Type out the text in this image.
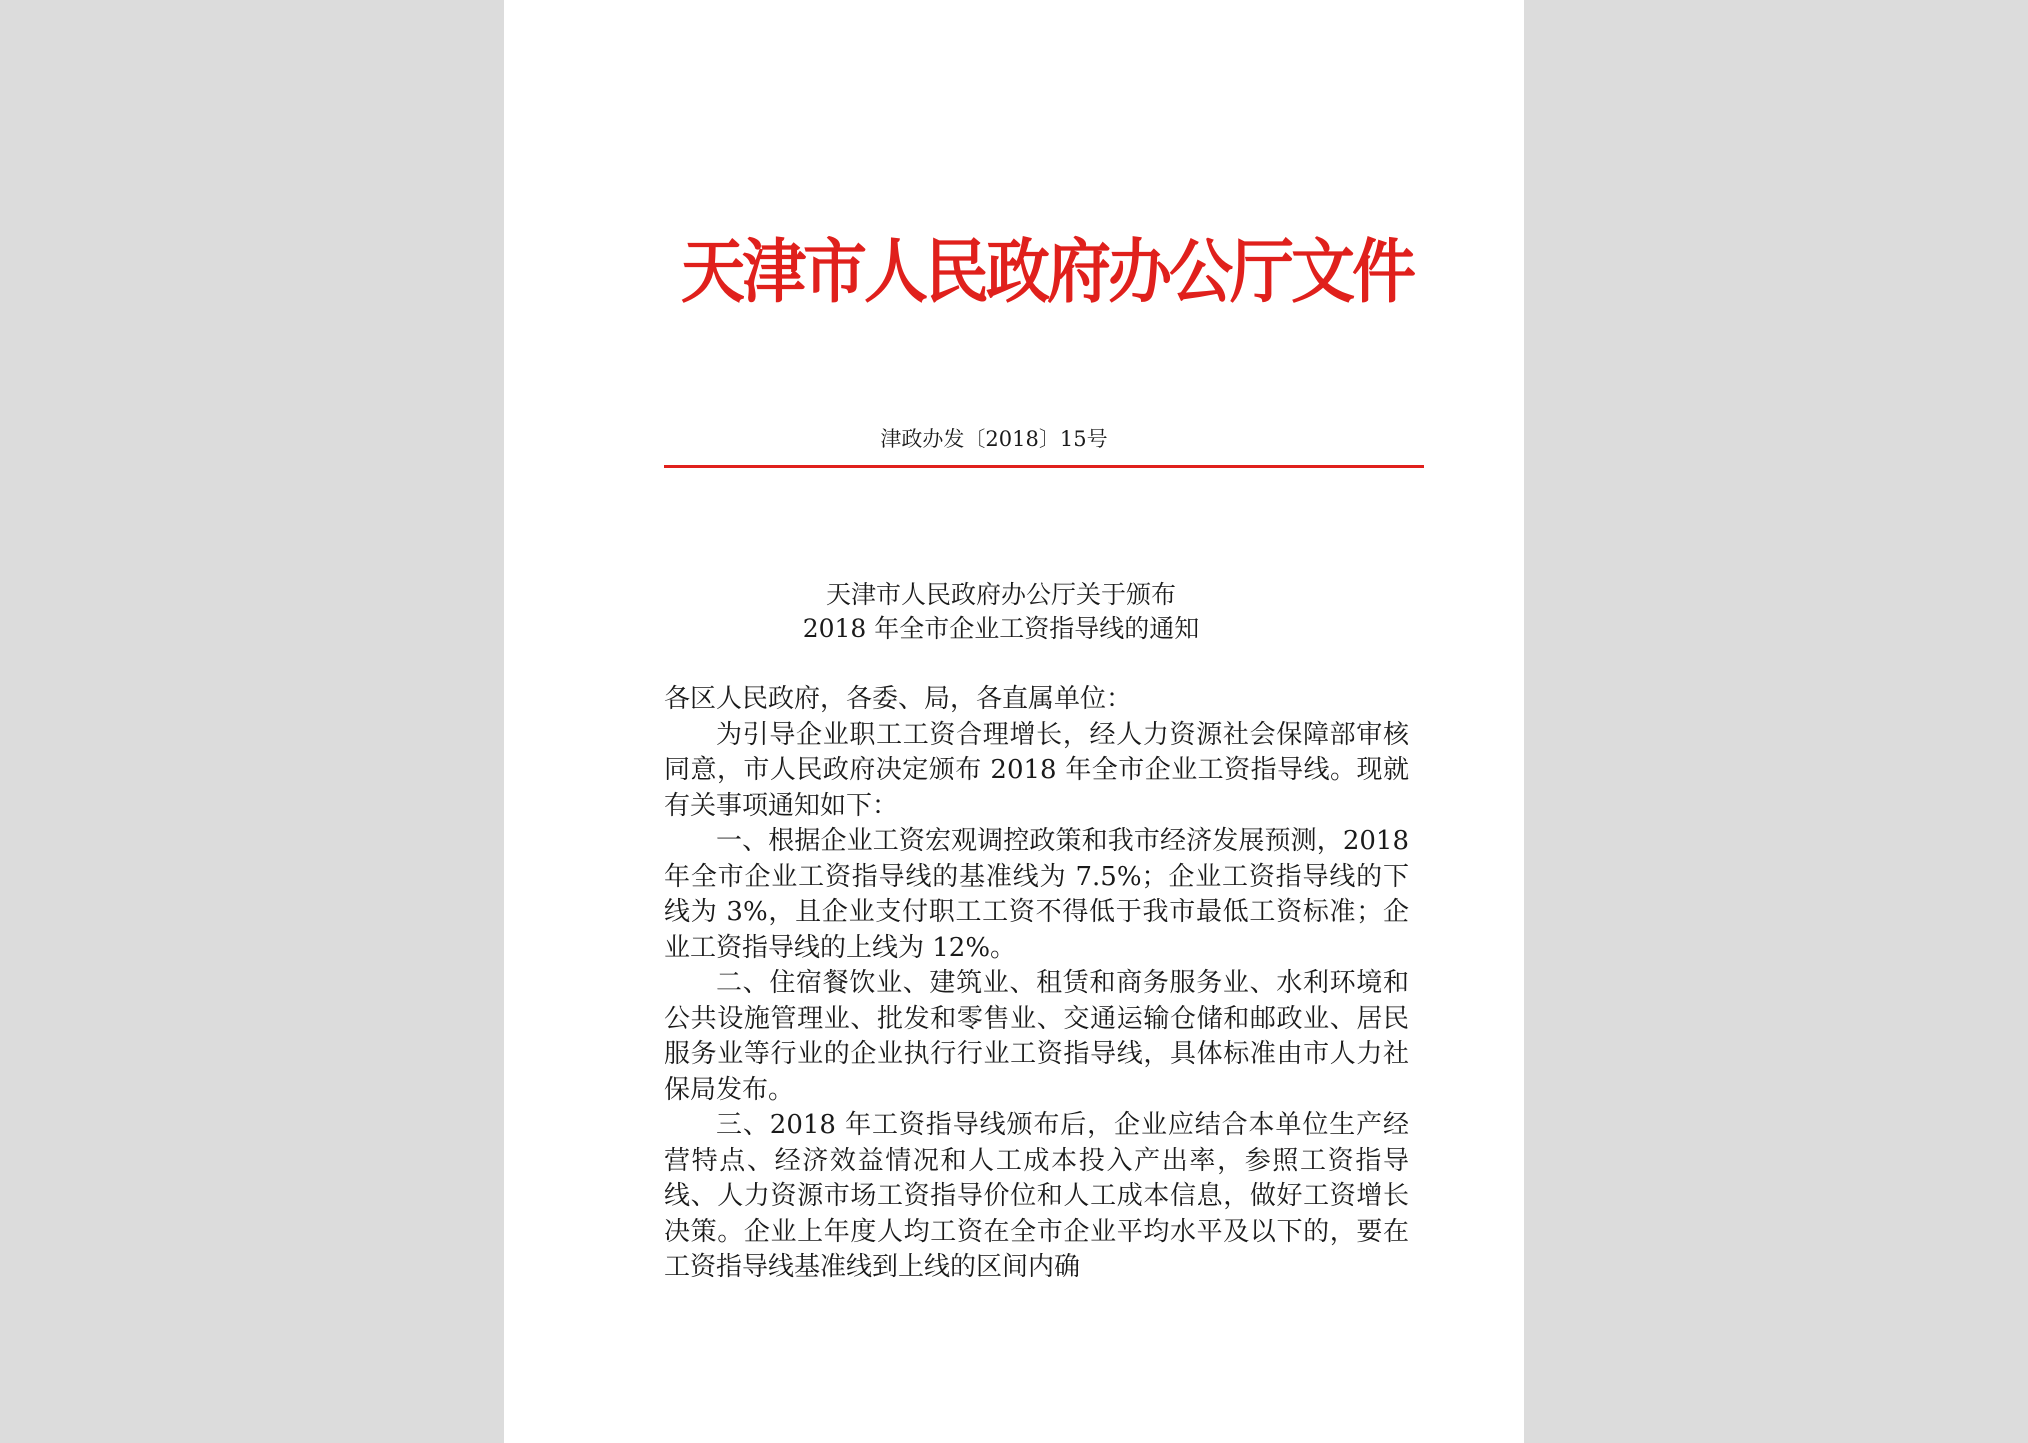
天津市人民政府办公厅文件
津政办发〔2018〕15号
天津市人民政府办公厅关于颁布
2018 年全市企业工资指导线的通知

各区人民政府，各委、局，各直属单位：

为引导企业职工工资合理增长，经人力资源社会保障部审核同意，市人民政府决定颁布 2018 年全市企业工资指导线。现就有关事项通知如下：

一、根据企业工资宏观调控政策和我市经济发展预测，2018 年全市企业工资指导线的基准线为 7.5%；企业工资指导线的下线为 3%，且企业支付职工工资不得低于我市最低工资标准；企业工资指导线的上线为 12%。

二、住宿餐饮业、建筑业、租赁和商务服务业、水利环境和公共设施管理业、批发和零售业、交通运输仓储和邮政业、居民服务业等行业的企业执行行业工资指导线，具体标准由市人力社保局发布。

三、2018 年工资指导线颁布后，企业应结合本单位生产经营特点、经济效益情况和人工成本投入产出率，参照工资指导线、人力资源市场工资指导价位和人工成本信息，做好工资增长决策。企业上年度人均工资在全市企业平均水平及以下的，要在工资指导线基准线到上线的区间内确
